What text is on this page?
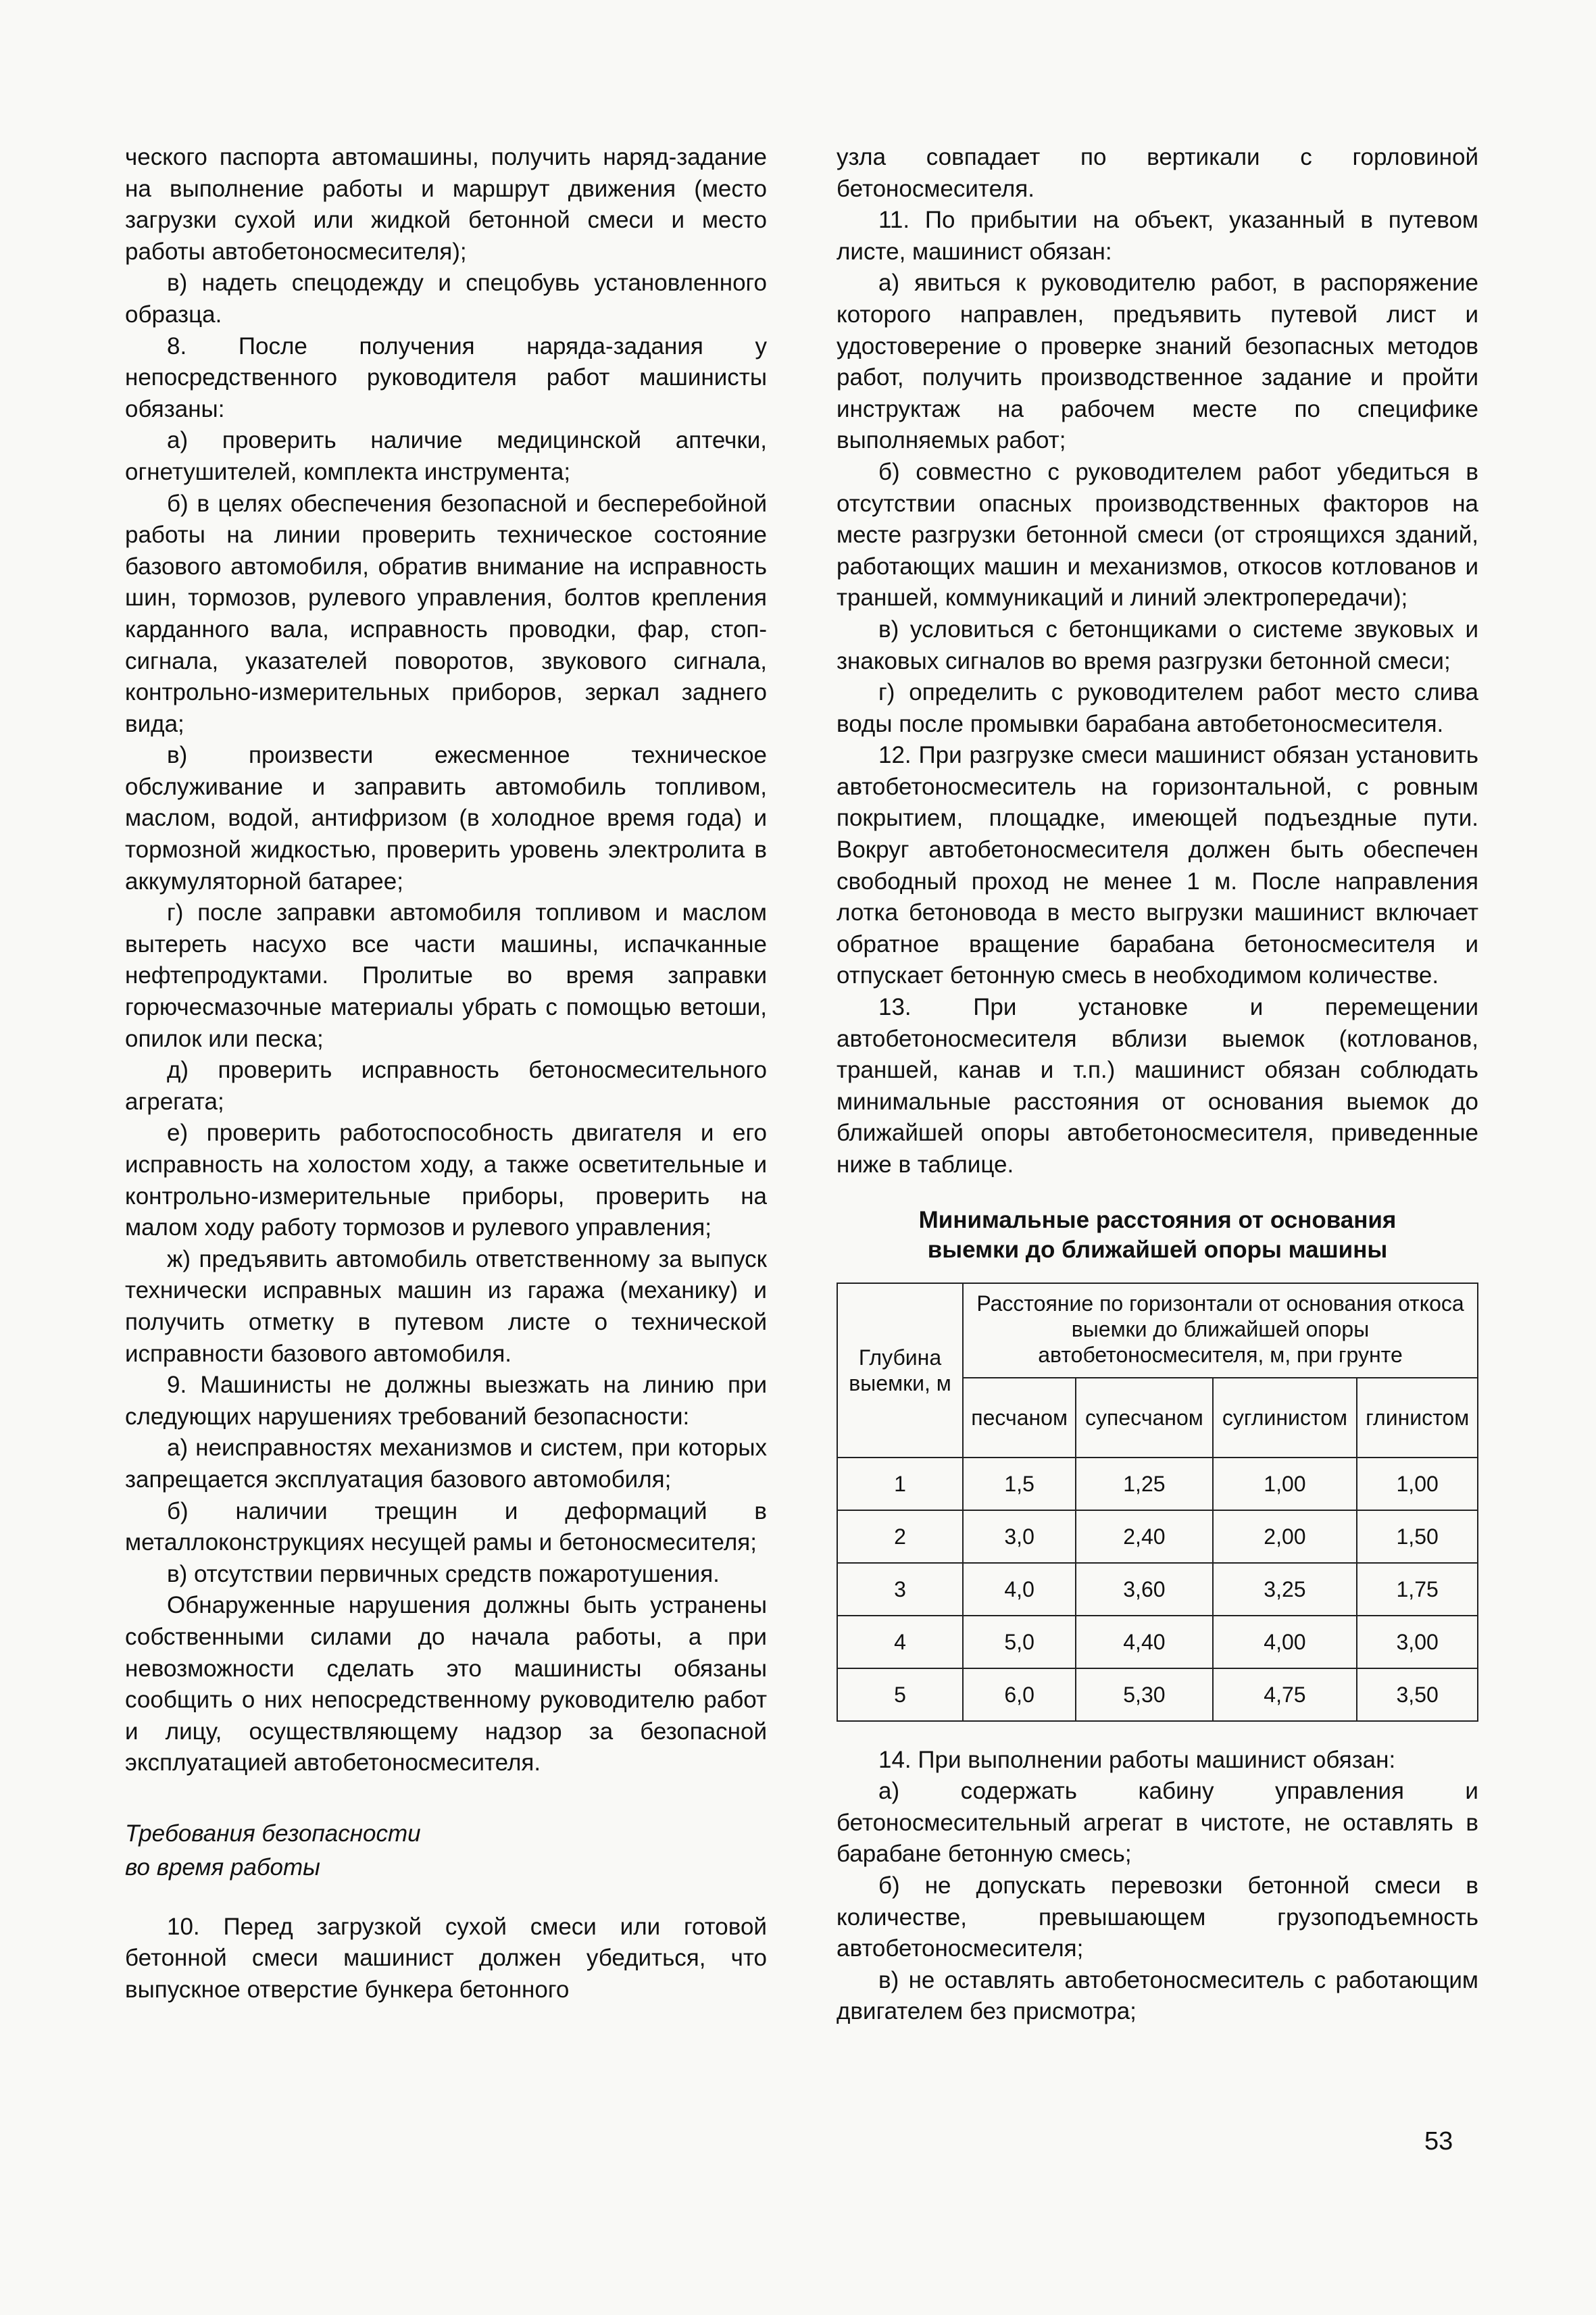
ческого паспорта автомашины, получить наряд-задание на выполнение работы и маршрут движения (место загрузки сухой или жидкой бетонной смеси и место работы автобетоносмесителя);

в) надеть спецодежду и спецобувь установленного образца.

8. После получения наряда-задания у непосредственного руководителя работ машинисты обязаны:

а) проверить наличие медицинской аптечки, огнетушителей, комплекта инструмента;

б) в целях обеспечения безопасной и бесперебойной работы на линии проверить техническое состояние базового автомобиля, обратив внимание на исправность шин, тормозов, рулевого управления, болтов крепления карданного вала, исправность проводки, фар, стоп-сигнала, указателей поворотов, звукового сигнала, контрольно-измерительных приборов, зеркал заднего вида;

в) произвести ежесменное техническое обслуживание и заправить автомобиль топливом, маслом, водой, антифризом (в холодное время года) и тормозной жидкостью, проверить уровень электролита в аккумуляторной батарее;

г) после заправки автомобиля топливом и маслом вытереть насухо все части машины, испачканные нефтепродуктами. Пролитые во время заправки горючесмазочные материалы убрать с помощью ветоши, опилок или песка;

д) проверить исправность бетоносмесительного агрегата;

е) проверить работоспособность двигателя и его исправность на холостом ходу, а также осветительные и контрольно-измерительные приборы, проверить на малом ходу работу тормозов и рулевого управления;

ж) предъявить автомобиль ответственному за выпуск технически исправных машин из гаража (механику) и получить отметку в путевом листе о технической исправности базового автомобиля.

9. Машинисты не должны выезжать на линию при следующих нарушениях требований безопасности:

а) неисправностях механизмов и систем, при которых запрещается эксплуатация базового автомобиля;

б) наличии трещин и деформаций в металлоконструкциях несущей рамы и бетоносмесителя;

в) отсутствии первичных средств пожаротушения.

Обнаруженные нарушения должны быть устранены собственными силами до начала работы, а при невозможности сделать это машинисты обязаны сообщить о них непосредственному руководителю работ и лицу, осуществляющему надзор за безопасной эксплуатацией автобетоносмесителя.

Требования безопасности
во время работы

10. Перед загрузкой сухой смеси или готовой бетонной смеси машинист должен убедиться, что выпускное отверстие бункера бетонного

узла совпадает по вертикали с горловиной бетоносмесителя.

11. По прибытии на объект, указанный в путевом листе, машинист обязан:

а) явиться к руководителю работ, в распоряжение которого направлен, предъявить путевой лист и удостоверение о проверке знаний безопасных методов работ, получить производственное задание и пройти инструктаж на рабочем месте по специфике выполняемых работ;

б) совместно с руководителем работ убедиться в отсутствии опасных производственных факторов на месте разгрузки бетонной смеси (от строящихся зданий, работающих машин и механизмов, откосов котлованов и траншей, коммуникаций и линий электропередачи);

в) условиться с бетонщиками о системе звуковых и знаковых сигналов во время разгрузки бетонной смеси;

г) определить с руководителем работ место слива воды после промывки барабана автобетоносмесителя.

12. При разгрузке смеси машинист обязан установить автобетоносмеситель на горизонтальной, с ровным покрытием, площадке, имеющей подъездные пути. Вокруг автобетоносмесителя должен быть обеспечен свободный проход не менее 1 м. После направления лотка бетоновода в место выгрузки машинист включает обратное вращение барабана бетоносмесителя и отпускает бетонную смесь в необходимом количестве.

13. При установке и перемещении автобетоносмесителя вблизи выемок (котлованов, траншей, канав и т.п.) машинист обязан соблюдать минимальные расстояния от основания выемок до ближайшей опоры автобетоносмесителя, приведенные ниже в таблице.

Минимальные расстояния от основания
выемки до ближайшей опоры машины
Глубина выемки, м	Расстояние по горизонтали от основания откоса выемки до ближайшей опоры автобетоносмесителя, м, при грунте			
	песчаном	супесчаном	суглинистом	глинистом
1	1,5	1,25	1,00	1,00
2	3,0	2,40	2,00	1,50
3	4,0	3,60	3,25	1,75
4	5,0	4,40	4,00	3,00
5	6,0	5,30	4,75	3,50

14. При выполнении работы машинист обязан:

а) содержать кабину управления и бетоносмесительный агрегат в чистоте, не оставлять в барабане бетонную смесь;

б) не допускать перевозки бетонной смеси в количестве, превышающем грузоподъемность автобетоносмесителя;

в) не оставлять автобетоносмеситель с работающим двигателем без присмотра;

53
